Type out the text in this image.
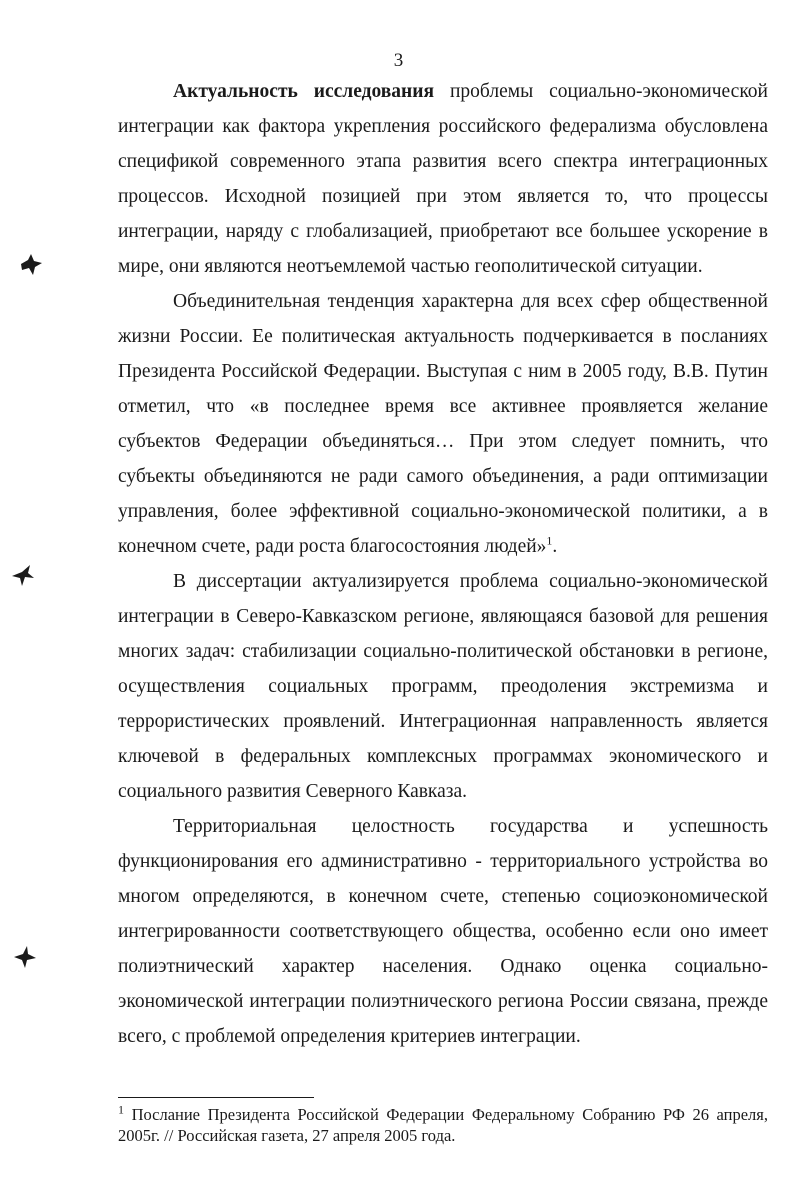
3

Актуальность исследования проблемы социально-экономической интеграции как фактора укрепления российского федерализма обусловлена спецификой современного этапа развития всего спектра интеграционных процессов. Исходной позицией при этом является то, что процессы интеграции, наряду с глобализацией, приобретают все большее ускорение в мире, они являются неотъемлемой частью геополитической ситуации.

Объединительная тенденция характерна для всех сфер общественной жизни России. Ее политическая актуальность подчеркивается в посланиях Президента Российской Федерации. Выступая с ним в 2005 году, В.В. Путин отметил, что «в последнее время все активнее проявляется желание субъектов Федерации объединяться… При этом следует помнить, что субъекты объединяются не ради самого объединения, а ради оптимизации управления, более эффективной социально-экономической политики, а в конечном счете, ради роста благосостояния людей»$^1$.

В диссертации актуализируется проблема социально-экономической интеграции в Северо-Кавказском регионе, являющаяся базовой для решения многих задач: стабилизации социально-политической обстановки в регионе, осуществления социальных программ, преодоления экстремизма и террористических проявлений. Интеграционная направленность является ключевой в федеральных комплексных программах экономического и социального развития Северного Кавказа.

Территориальная целостность государства и успешность функционирования его административно - территориального устройства во многом определяются, в конечном счете, степенью социоэкономической интегрированности соответствующего общества, особенно если оно имеет полиэтнический характер населения. Однако оценка социально-экономической интеграции полиэтнического региона России связана, прежде всего, с проблемой определения критериев интеграции.

$^1$ Послание Президента Российской Федерации Федеральному Собранию РФ 26 апреля, 2005г. // Российская газета, 27 апреля 2005 года.
